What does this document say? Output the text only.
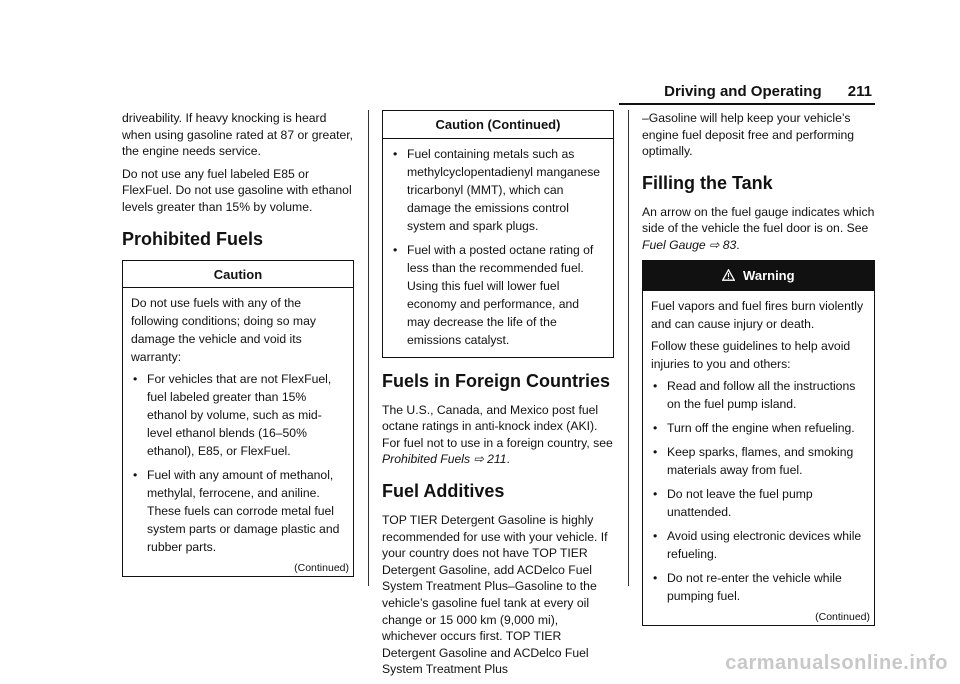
Driving and Operating 211

driveability. If heavy knocking is heard when using gasoline rated at 87 or greater, the engine needs service.

Do not use any fuel labeled E85 or FlexFuel. Do not use gasoline with ethanol levels greater than 15% by volume.

Prohibited Fuels
Caution

Do not use fuels with any of the following conditions; doing so may damage the vehicle and void its warranty:

• For vehicles that are not FlexFuel, fuel labeled greater than 15% ethanol by volume, such as mid-level ethanol blends (16–50% ethanol), E85, or FlexFuel.
• Fuel with any amount of methanol, methylal, ferrocene, and aniline. These fuels can corrode metal fuel system parts or damage plastic and rubber parts.
(Continued)
Caution (Continued)
• Fuel containing metals such as methylcyclopentadienyl manganese tricarbonyl (MMT), which can damage the emissions control system and spark plugs.
• Fuel with a posted octane rating of less than the recommended fuel. Using this fuel will lower fuel economy and performance, and may decrease the life of the emissions catalyst.
Fuels in Foreign Countries

The U.S., Canada, and Mexico post fuel octane ratings in anti-knock index (AKI). For fuel not to use in a foreign country, see Prohibited Fuels ⇨ 211.

Fuel Additives

TOP TIER Detergent Gasoline is highly recommended for use with your vehicle. If your country does not have TOP TIER Detergent Gasoline, add ACDelco Fuel System Treatment Plus–Gasoline to the vehicle’s gasoline fuel tank at every oil change or 15 000 km (9,000 mi), whichever occurs first. TOP TIER Detergent Gasoline and ACDelco Fuel System Treatment Plus

–Gasoline will help keep your vehicle’s engine fuel deposit free and performing optimally.

Filling the Tank

An arrow on the fuel gauge indicates which side of the vehicle the fuel door is on. See Fuel Gauge ⇨ 83.

Warning

Fuel vapors and fuel fires burn violently and can cause injury or death.

Follow these guidelines to help avoid injuries to you and others:

• Read and follow all the instructions on the fuel pump island.
• Turn off the engine when refueling.
• Keep sparks, flames, and smoking materials away from fuel.
• Do not leave the fuel pump unattended.
• Avoid using electronic devices while refueling.
• Do not re-enter the vehicle while pumping fuel.
(Continued)
carmanualsonline.info
